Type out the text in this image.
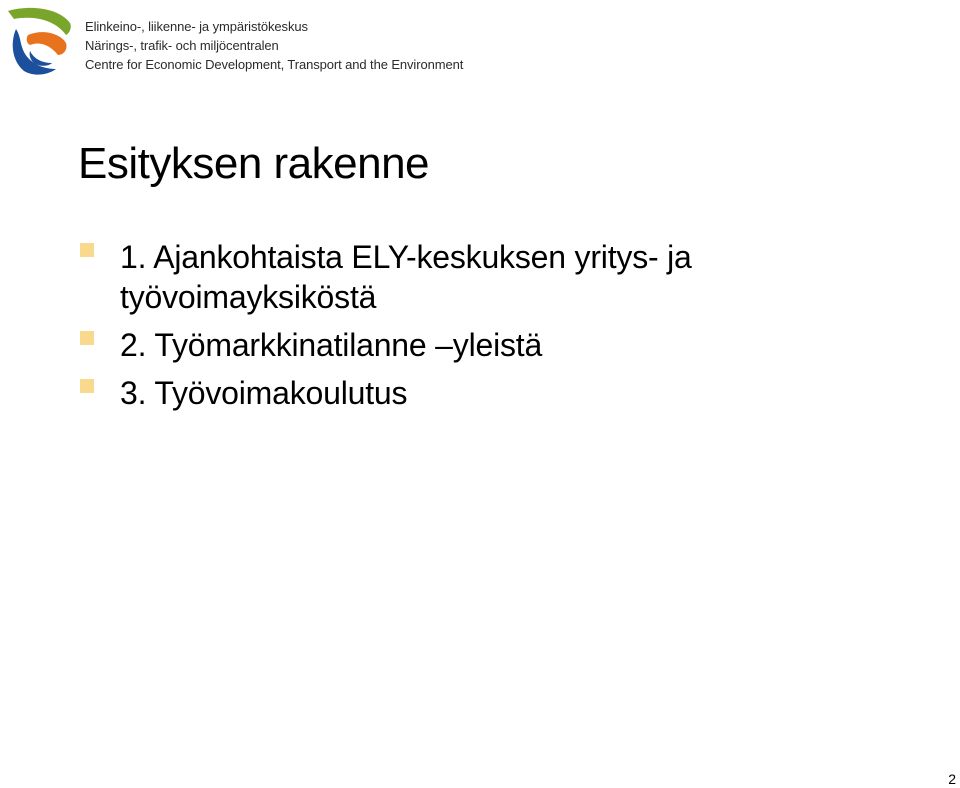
Elinkeino-, liikenne- ja ympäristökeskus
Närings-, trafik- och miljöcentralen
Centre for Economic Development, Transport and the Environment
Esityksen rakenne
1. Ajankohtaista ELY-keskuksen yritys- ja työvoimayksiköstä
2. Työmarkkinatilanne –yleistä
3. Työvoimakoulutus
2
